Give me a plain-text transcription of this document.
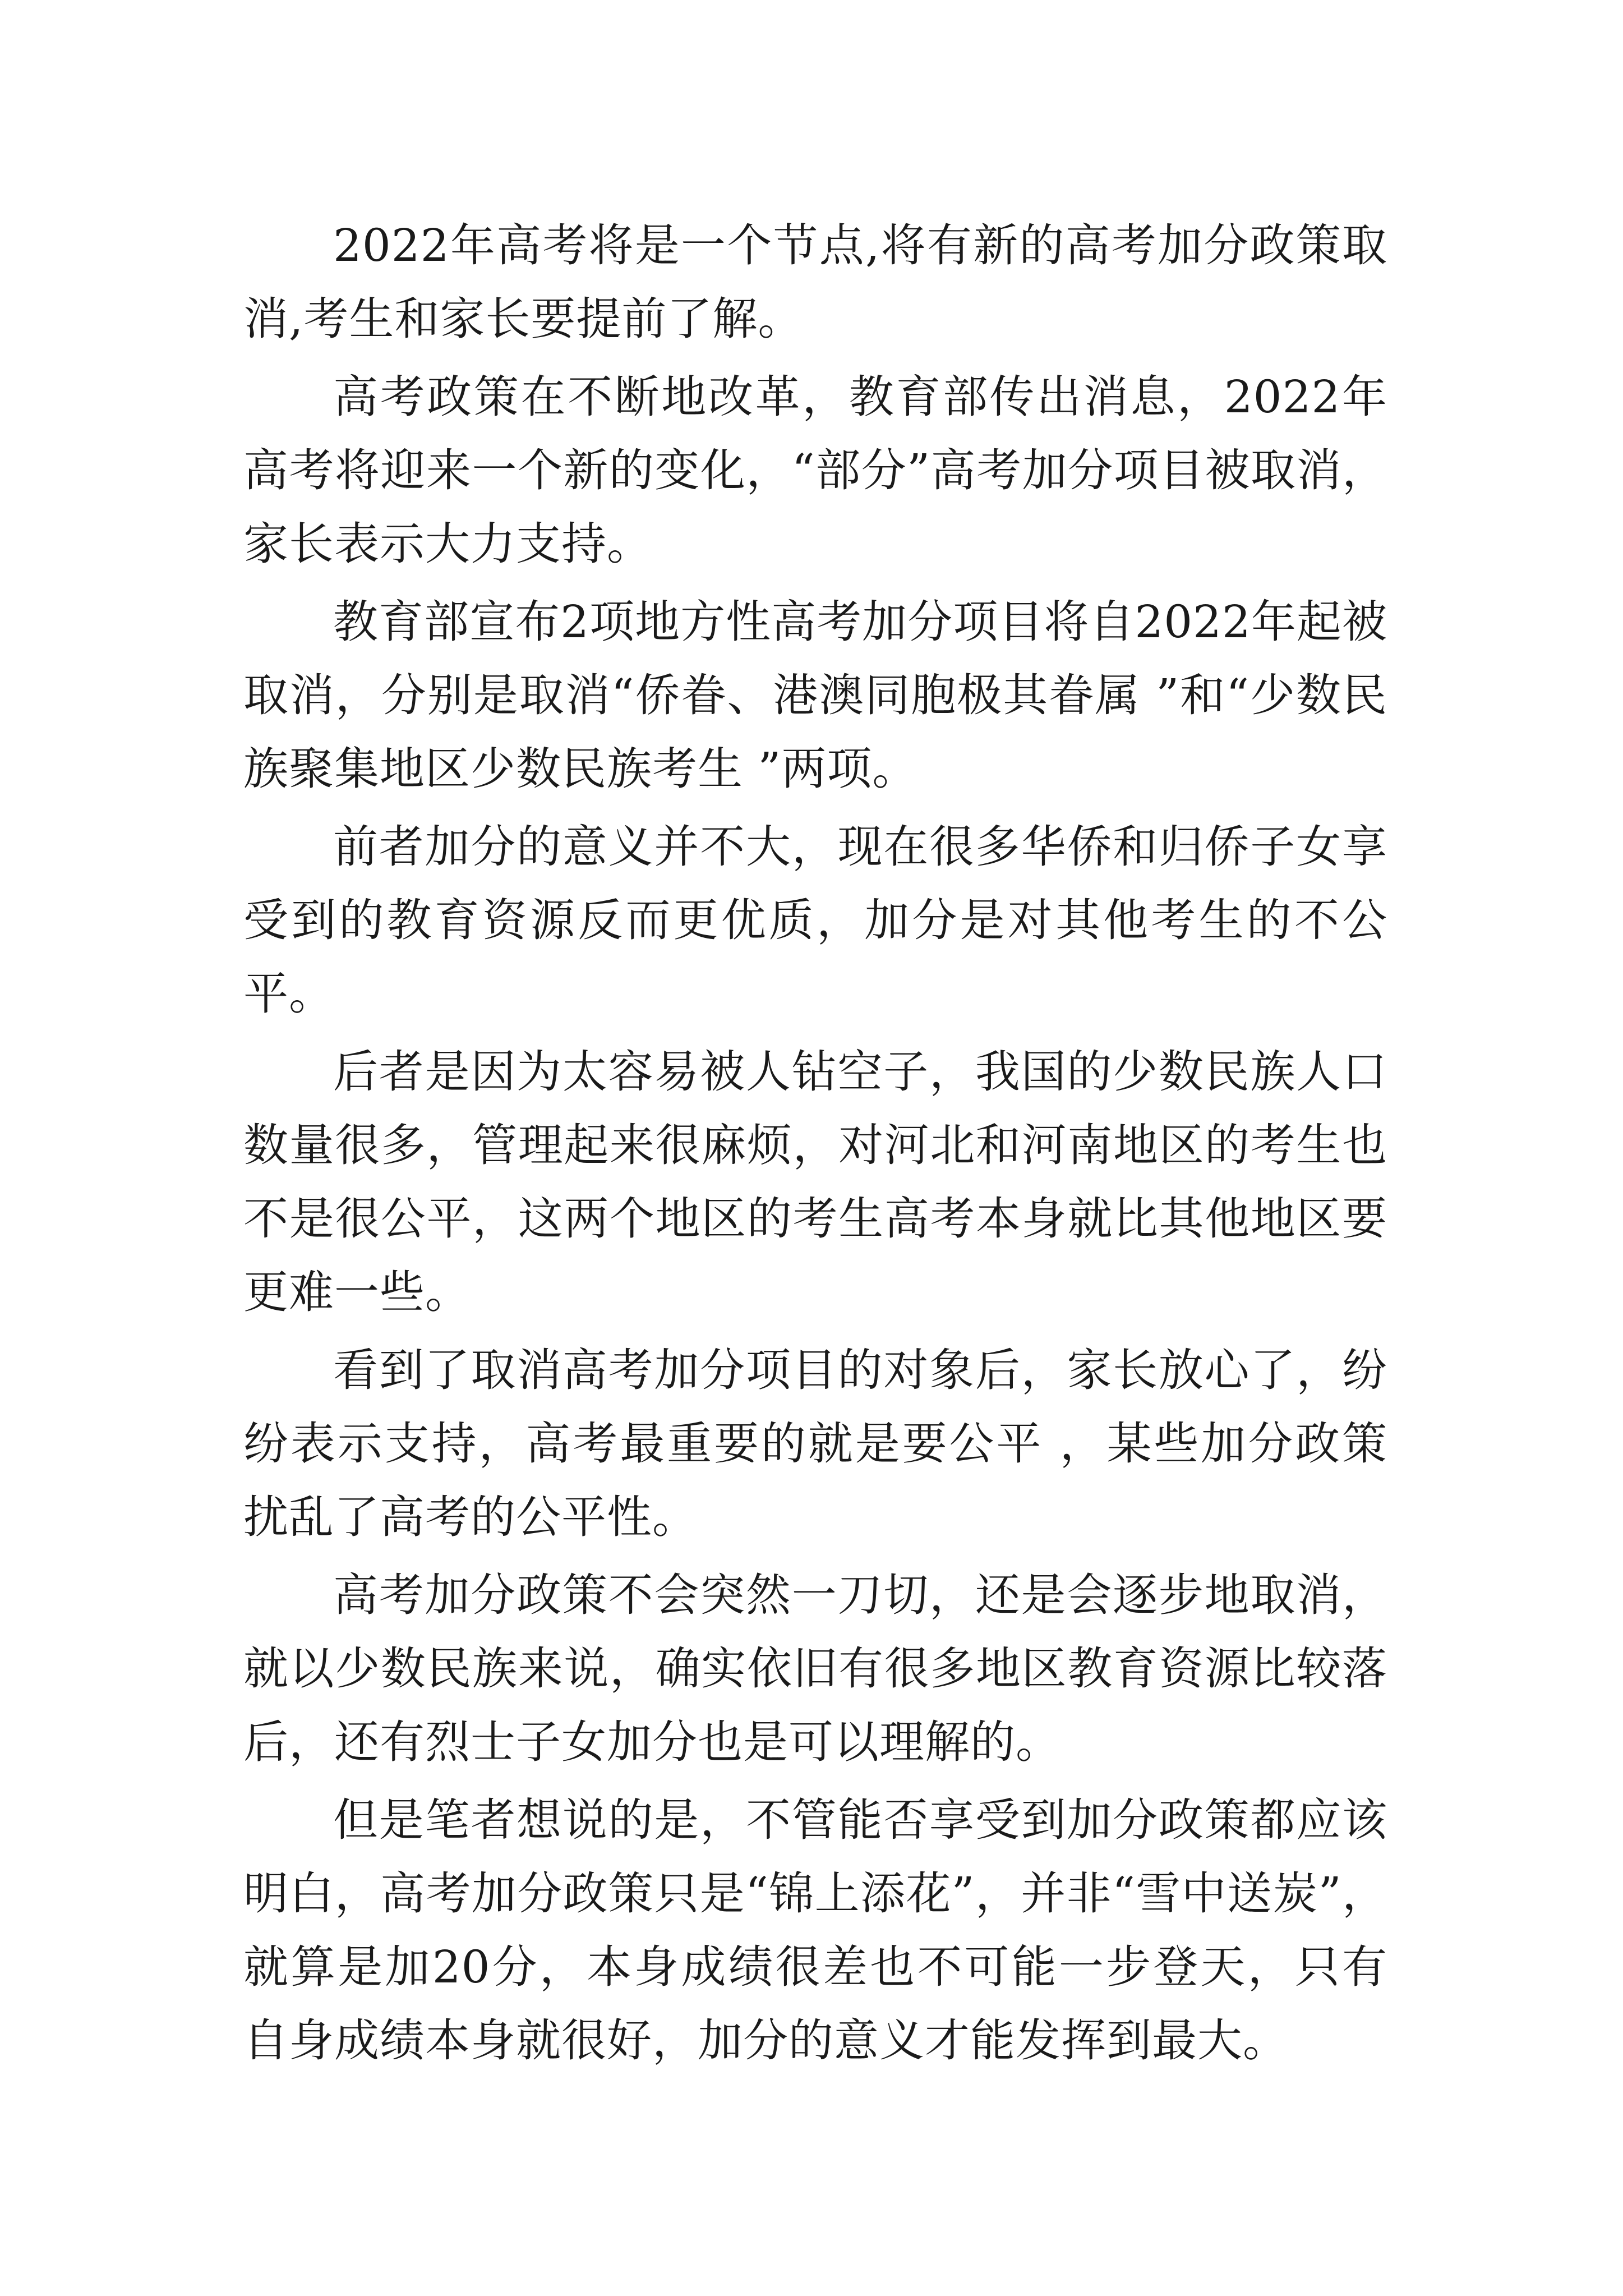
2022年高考将是一个节点,将有新的高考加分政策取消,考生和家长要提前了解。

高考政策在不断地改革，教育部传出消息，2022年高考将迎来一个新的变化，“部分”高考加分项目被取消，家长表示大力支持。

教育部宣布2项地方性高考加分项目将自2022年起被取消，分别是取消“侨眷、港澳同胞极其眷属 ”和“少数民族聚集地区少数民族考生 ”两项。

前者加分的意义并不大，现在很多华侨和归侨子女享受到的教育资源反而更优质，加分是对其他考生的不公平。

后者是因为太容易被人钻空子，我国的少数民族人口数量很多，管理起来很麻烦，对河北和河南地区的考生也不是很公平，这两个地区的考生高考本身就比其他地区要更难一些。

看到了取消高考加分项目的对象后，家长放心了，纷纷表示支持，高考最重要的就是要公平 ，某些加分政策扰乱了高考的公平性。

高考加分政策不会突然一刀切，还是会逐步地取消，就以少数民族来说，确实依旧有很多地区教育资源比较落后，还有烈士子女加分也是可以理解的。

但是笔者想说的是，不管能否享受到加分政策都应该明白，高考加分政策只是“锦上添花”，并非“雪中送炭”，就算是加20分，本身成绩很差也不可能一步登天，只有自身成绩本身就很好，加分的意义才能发挥到最大。
